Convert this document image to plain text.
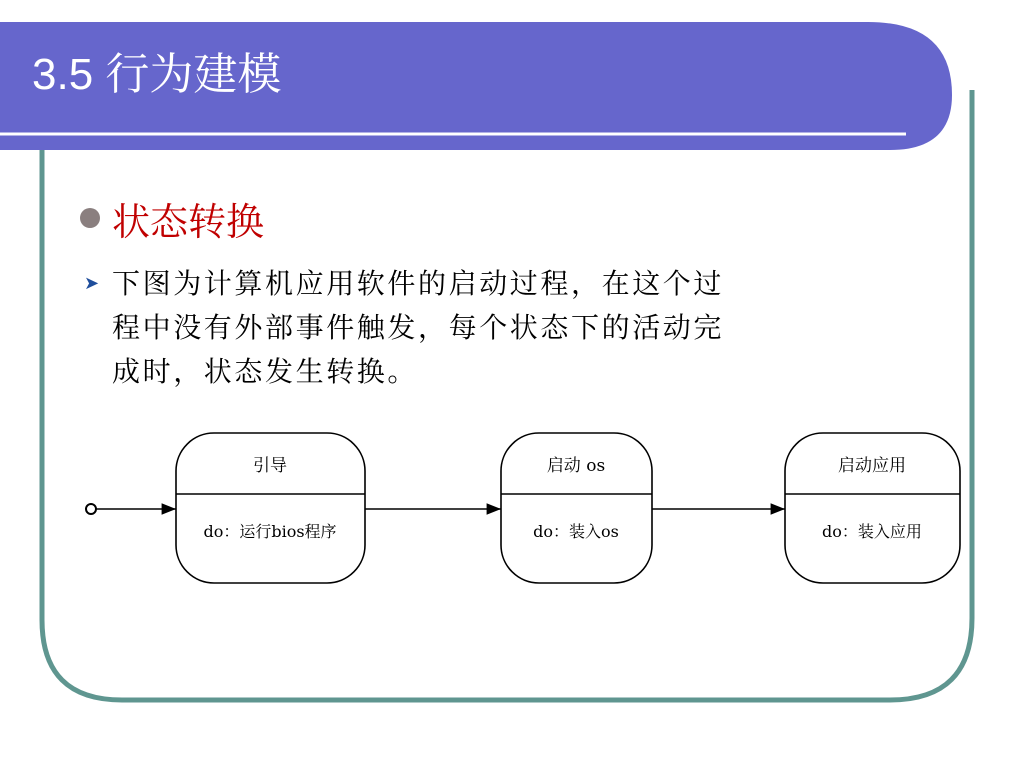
3.5 行为建模
状态转换
➤ 下图为计算机应用软件的启动过程，在这个过
程中没有外部事件触发，每个状态下的活动完
成时，状态发生转换。
引导
do：运行bios程序
启动 os
do：装入os
启动应用
do：装入应用
